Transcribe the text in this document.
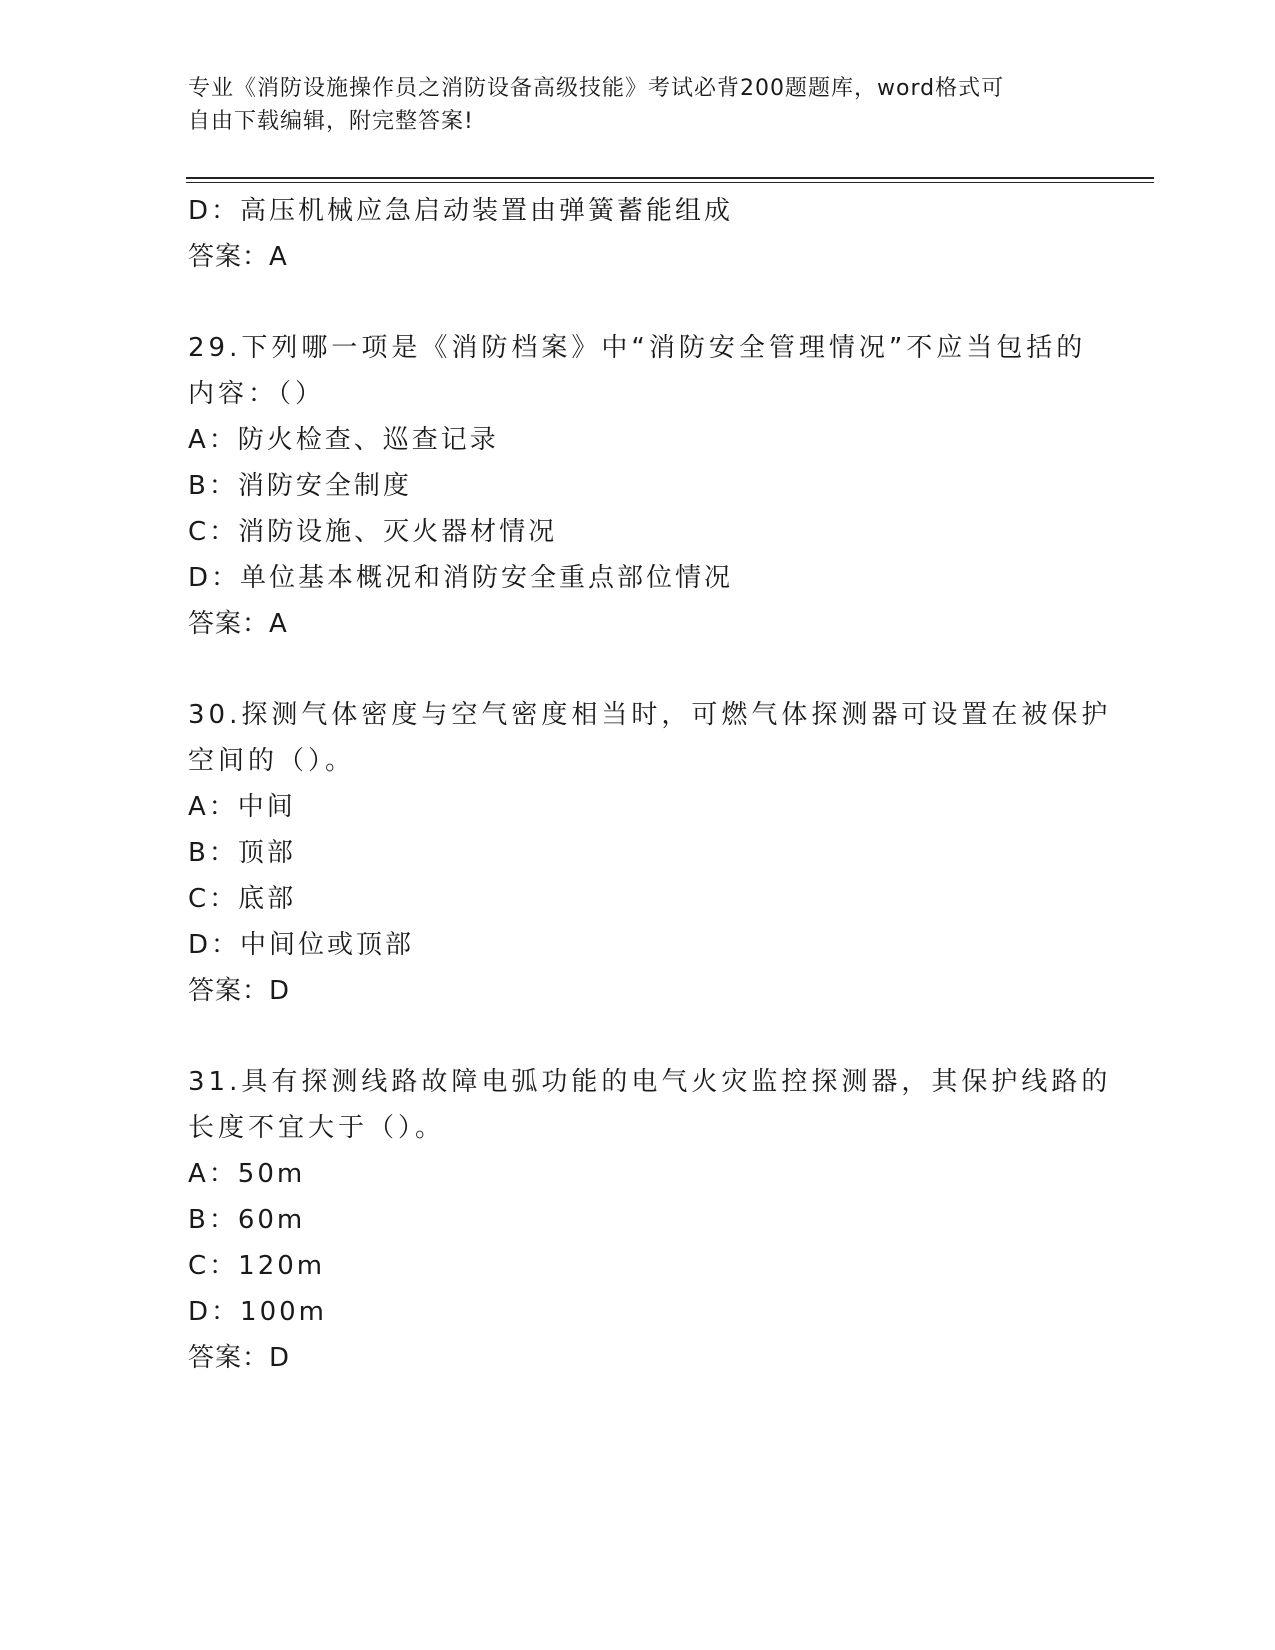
专业《消防设施操作员之消防设备高级技能》考试必背200题题库，word格式可
自由下载编辑，附完整答案!
D：高压机械应急启动装置由弹簧蓄能组成
答案：A
29.下列哪一项是《消防档案》中“消防安全管理情况”不应当包括的
内容：（）
A：防火检查、巡查记录
B：消防安全制度
C：消防设施、灭火器材情况
D：单位基本概况和消防安全重点部位情况
答案：A
30.探测气体密度与空气密度相当时，可燃气体探测器可设置在被保护
空间的（）。
A：中间
B：顶部
C：底部
D：中间位或顶部
答案：D
31.具有探测线路故障电弧功能的电气火灾监控探测器，其保护线路的
长度不宜大于（）。
A：50m
B：60m
C：120m
D：100m
答案：D
